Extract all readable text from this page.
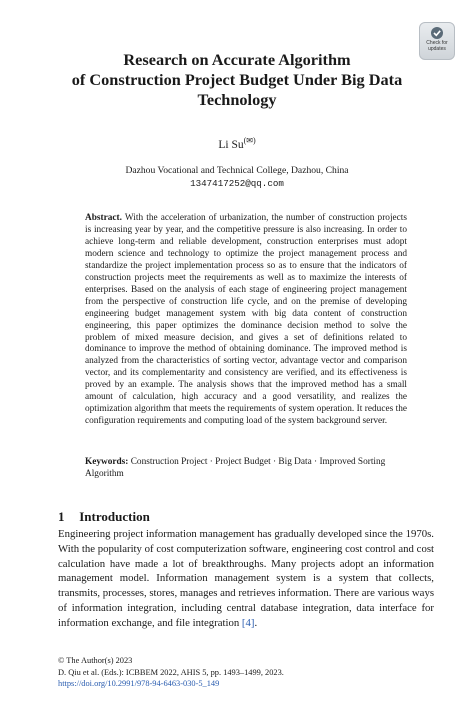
Check for updates
Research on Accurate Algorithm
of Construction Project Budget Under Big Data
Technology
Li Su(✉)
Dazhou Vocational and Technical College, Dazhou, China
1347417252@qq.com
Abstract. With the acceleration of urbanization, the number of construction projects is increasing year by year, and the competitive pressure is also increasing. In order to achieve long-term and reliable development, construction enterprises must adopt modern science and technology to optimize the project management process and standardize the project implementation process so as to ensure that the indicators of construction projects meet the requirements as well as to maximize the interests of enterprises. Based on the analysis of each stage of engineering project management from the perspective of construction life cycle, and on the premise of developing engineering budget management system with big data content of construction engineering, this paper optimizes the dominance decision method to solve the problem of mixed measure decision, and gives a set of definitions related to dominance to improve the method of obtaining dominance. The improved method is analyzed from the characteristics of sorting vector, advantage vector and comparison vector, and its complementarity and consistency are verified, and its effectiveness is proved by an example. The analysis shows that the improved method has a small amount of calculation, high accuracy and a good versatility, and realizes the optimization algorithm that meets the requirements of system operation. It reduces the configuration requirements and computing load of the system background server.
Keywords: Construction Project · Project Budget · Big Data · Improved Sorting Algorithm
1 Introduction
Engineering project information management has gradually developed since the 1970s. With the popularity of cost computerization software, engineering cost control and cost calculation have made a lot of breakthroughs. Many projects adopt an information management model. Information management system is a system that collects, transmits, processes, stores, manages and retrieves information. There are various ways of information integration, including central database integration, data interface for information exchange, and file integration [4].
© The Author(s) 2023
D. Qiu et al. (Eds.): ICBBEM 2022, AHIS 5, pp. 1493–1499, 2023.
https://doi.org/10.2991/978-94-6463-030-5_149
